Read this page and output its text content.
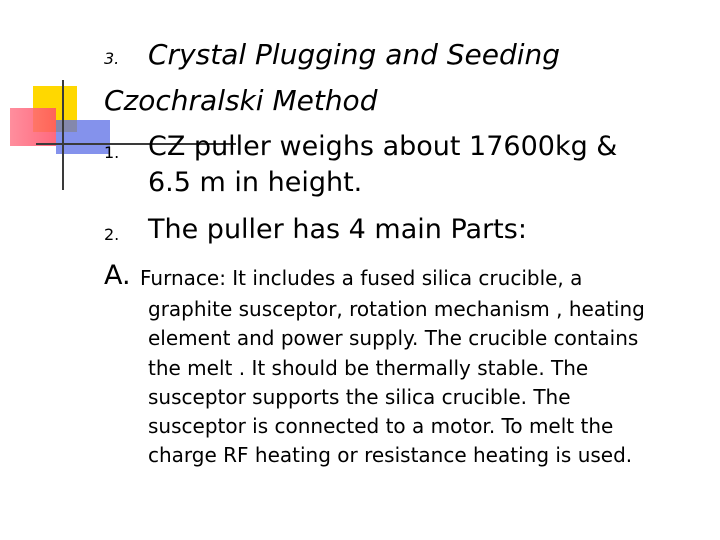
3. Crystal Plugging and Seeding
Czochralski Method
1. CZ puller weighs about 17600kg &
6.5 m in height.
2. The puller has 4 main Parts:
A. Furnace: It includes a fused silica crucible, a
graphite susceptor, rotation mechanism , heating
element and power supply. The crucible contains
the melt . It should be thermally stable. The
susceptor supports the silica crucible. The
susceptor is connected to a motor. To melt the
charge RF heating or resistance heating is used.
